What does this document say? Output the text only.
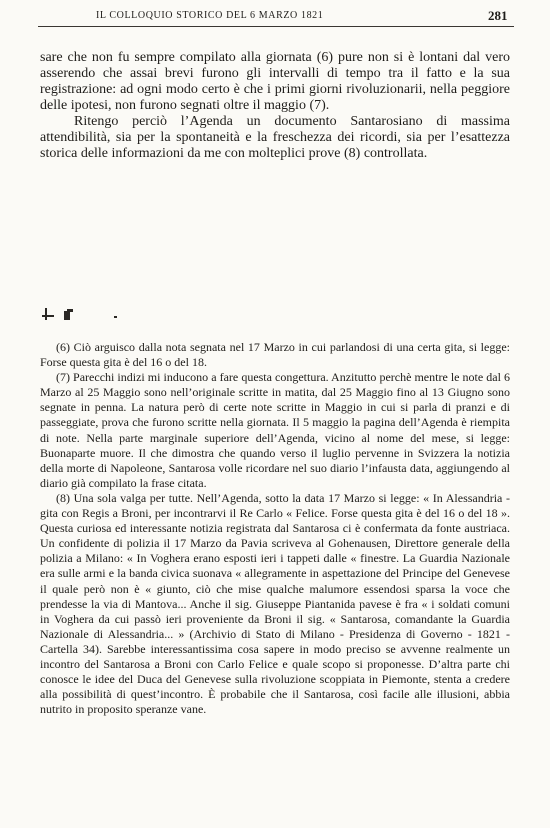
IL COLLOQUIO STORICO DEL 6 MARZO 1821	281

sare che non fu sempre compilato alla giornata (6) pure non si è lontani dal vero asserendo che assai brevi furono gli intervalli di tempo tra il fatto e la sua registrazione: ad ogni modo certo è che i primi giorni rivoluzionarii, nella peggiore delle ipotesi, non furono segnati oltre il maggio (7).

Ritengo perciò l’Agenda un documento Santarosiano di massima attendibilità, sia per la spontaneità e la freschezza dei ricordi, sia per l’esattezza storica delle informazioni da me con molteplici prove (8) controllata.

(6) Ciò arguisco dalla nota segnata nel 17 Marzo in cui parlandosi di una certa gita, si legge: Forse questa gita è del 16 o del 18.

(7) Parecchi indizi mi inducono a fare questa congettura. Anzitutto perchè mentre le note dal 6 Marzo al 25 Maggio sono nell’originale scritte in matita, dal 25 Maggio fino al 13 Giugno sono segnate in penna. La natura però di certe note scritte in Maggio in cui si parla di pranzi e di passeggiate, prova che furono scritte nella giornata. Il 5 maggio la pagina dell’Agenda è riempita di note. Nella parte marginale superiore dell’Agenda, vicino al nome del mese, si legge: Buonaparte muore. Il che dimostra che quando verso il luglio pervenne in Svizzera la notizia della morte di Napoleone, Santarosa volle ricordare nel suo diario l’infausta data, aggiungendo al diario già compilato la frase citata.

(8) Una sola valga per tutte. Nell’Agenda, sotto la data 17 Marzo si legge: « In Alessandria - gita con Regis a Broni, per incontrarvi il Re Carlo « Felice. Forse questa gita è del 16 o del 18 ». Questa curiosa ed interessante notizia registrata dal Santarosa ci è confermata da fonte austriaca. Un confidente di polizia il 17 Marzo da Pavia scriveva al Gohenausen, Direttore generale della polizia a Milano: « In Voghera erano esposti ieri i tappeti dalle « finestre. La Guardia Nazionale era sulle armi e la banda civica suonava « allegramente in aspettazione del Principe del Genevese il quale però non è « giunto, ciò che mise qualche malumore essendosi sparsa la voce che prendesse la via di Mantova... Anche il sig. Giuseppe Piantanida pavese è fra « i soldati comuni in Voghera da cui passò ieri proveniente da Broni il sig. « Santarosa, comandante la Guardia Nazionale di Alessandria... » (Archivio di Stato di Milano - Presidenza di Governo - 1821 - Cartella 34). Sarebbe interessantissima cosa sapere in modo preciso se avvenne realmente un incontro del Santarosa a Broni con Carlo Felice e quale scopo si proponesse. D’altra parte chi conosce le idee del Duca del Genevese sulla rivoluzione scoppiata in Piemonte, stenta a credere alla possibilità di quest’incontro. È probabile che il Santarosa, così facile alle illusioni, abbia nutrito in proposito speranze vane.
